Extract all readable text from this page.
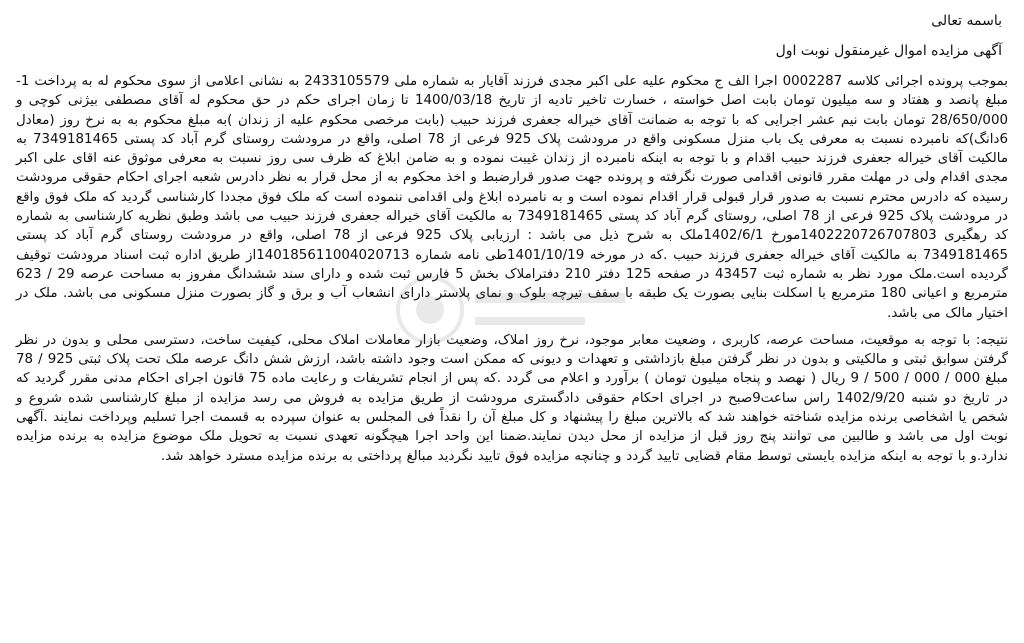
باسمه تعالی
آگهی مزایده اموال غیرمنقول نوبت اول

بموجب پرونده اجرائی کلاسه 0002287 اجرا الف ج محکوم علیه علی اکبر مجدی فرزند آقایار به شماره ملی 2433105579 به نشانی اعلامی از سوی محکوم له به پرداخت 1-مبلغ پانصد و هفتاد و سه میلیون تومان بابت اصل خواسته ، خسارت تاخیر تادیه از تاریخ 1400/03/18 تا زمان اجرای حکم در حق محکوم له آقای مصطفی بیژنی کوچی و 28/650/000 تومان بابت نیم عشر اجرایی که با توجه به ضمانت آقای خیراله جعفری فرزند حبیب (بابت مرخصی محکوم علیه از زندان )به مبلغ محکوم به به نرخ روز (معادل 6دانگ)که نامبرده نسبت به معرفی یک باب منزل مسکونی واقع در مرودشت پلاک 925 فرعی از 78 اصلی، واقع در مرودشت روستای گرم آباد کد پستی 7349181465 به مالکیت آقای خیراله جعفری فرزند حبیب اقدام و با توجه به اینکه نامبرده از زندان غیبت نموده و به ضامن ابلاغ که ظرف سی روز نسبت به معرفی موثوق عنه اقای علی اکبر مجدی اقدام ولی در مهلت مقرر قانونی اقدامی صورت نگرفته و پرونده جهت صدور قرارضبط و اخذ محکوم به از محل قرار به نظر دادرس شعبه اجرای احکام حقوقی مرودشت رسیده که دادرس محترم نسبت به صدور قرار قبولی قرار اقدام نموده است و به نامبرده ابلاغ ولی اقدامی ننموده است که ملک فوق مجددا کارشناسی گردید که ملک فوق واقع در مرودشت پلاک 925 فرعی از 78 اصلی، روستای گرم آباد کد پستی 7349181465 به مالکیت آقای خیراله جعفری فرزند حبیب می باشد وطبق نظریه کارشناسی به شماره کد رهگیری 140222072670780‍3مورخ 1402/6/1ملک به شرح ذیل می باشد : ارزیابی پلاک 925 فرعی از 78 اصلی، واقع در مرودشت روستای گرم آباد کد پستی 7349181465 به مالکیت آقای خیراله جعفری فرزند حبیب .که در مورخه 1401/10/19طی نامه شماره 140185611004020713از طریق اداره ثبت اسناد مرودشت توقیف گردیده است.ملک مورد نظر به شماره ثبت 43457 در صفحه 125 دفتر 210 دفتراملاک بخش 5 فارس ثبت شده و دارای سند ششدانگ مفروز به مساحت عرصه 29 / 623 مترمربع و اعیانی 180 مترمربع با اسکلت بنایی بصورت یک طبقه با سقف تیرچه بلوک و نمای پلاستر دارای انشعاب آب و برق و گاز بصورت منزل مسکونی می باشد. ملک در اختیار مالک می باشد.

نتیجه: با توجه به موقعیت، مساحت عرصه، کاربری ، وضعیت معابر موجود، نرخ روز املاک، وضعیت بازار معاملات املاک محلی، کیفیت ساخت، دسترسی محلی و بدون در نظر گرفتن سوابق ثبتی و مالکیتی و بدون در نظر گرفتن مبلغ بازداشتی و تعهدات و دیونی که ممکن است وجود داشته باشد، ارزش شش دانگ عرصه ملک تحت پلاک ثبتی 925 / 78 مبلغ 000 / 000 / 500 / 9 ریال ( نهصد و پنجاه میلیون تومان ) برآورد و اعلام می گردد .که پس از انجام تشریفات و رعایت ماده 75 قانون اجرای احکام مدنی مقرر گردید که در تاریخ دو شنبه 1402/9/20 راس ساعت9صبح در اجرای احکام حقوقی دادگستری مرودشت از طریق مزایده به فروش می رسد مزایده از مبلغ کارشناسی شده شروع و شخص یا اشخاصی برنده مزایده شناخته خواهند شد که بالاترین مبلغ را پیشنهاد و کل مبلغ آن را نقداً فی المجلس به عنوان سپرده به قسمت اجرا تسلیم وپرداخت نمایند .آگهی نوبت اول می باشد و طالبین می توانند پنج روز قبل از مزایده از محل دیدن نمایند.ضمنا این واحد اجرا هیچگونه تعهدی نسبت به تحویل ملک موضوع مزایده به برنده مزایده ندارد.و با توجه به اینکه مزایده بایستی توسط مقام قضایی تایید گردد و چنانچه مزایده فوق تایید نگردید مبالغ پرداختی به برنده مزایده مسترد خواهد شد.
